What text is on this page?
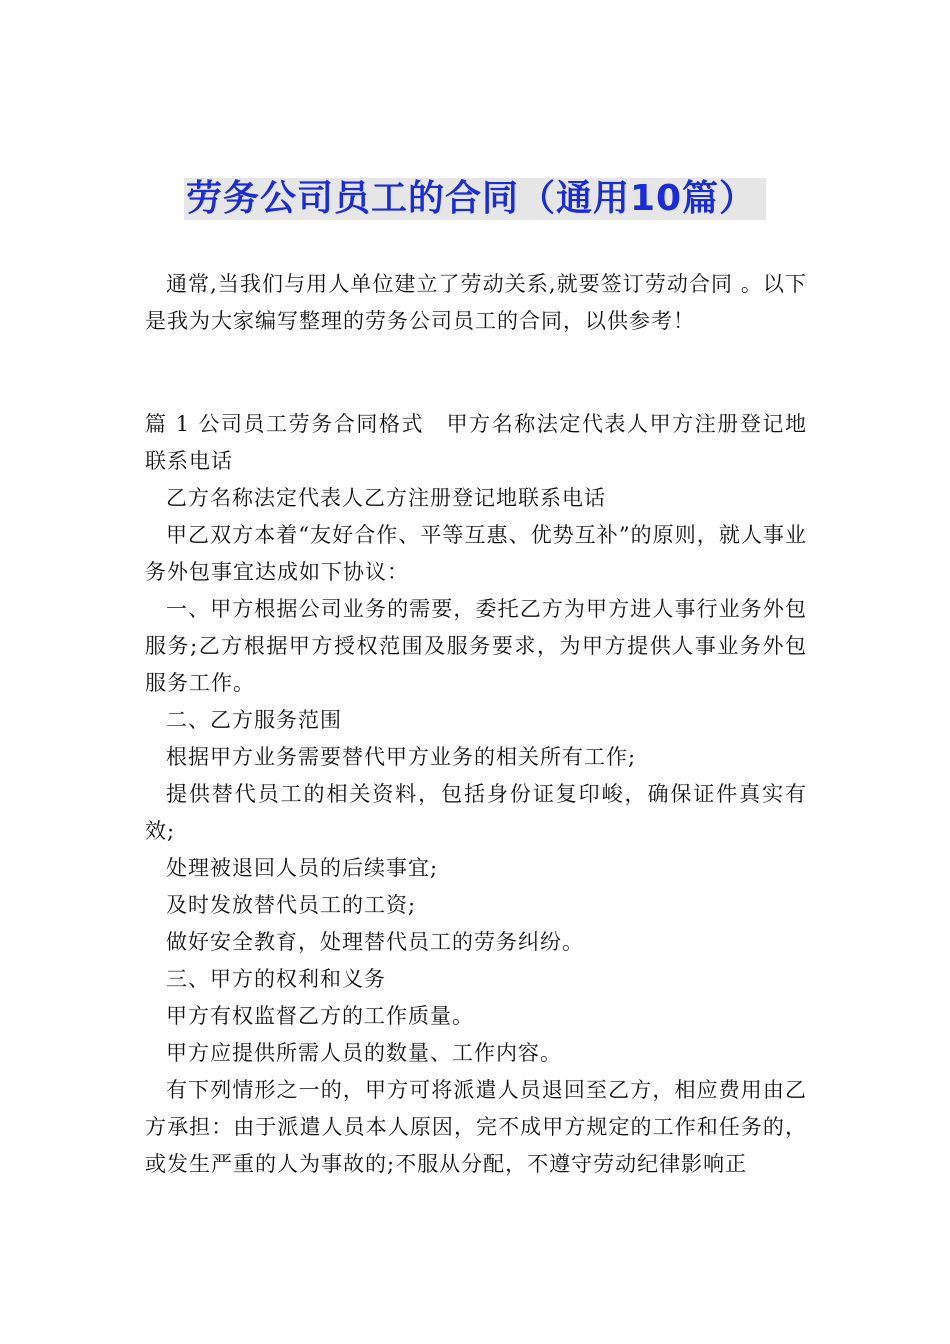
劳务公司员工的合同（通用10篇）

通常,当我们与用人单位建立了劳动关系,就要签订劳动合同 。以下是我为大家编写整理的劳务公司员工的合同，以供参考！

篇 1 公司员工劳务合同格式　甲方名称法定代表人甲方注册登记地联系电话

乙方名称法定代表人乙方注册登记地联系电话

甲乙双方本着“友好合作、平等互惠、优势互补”的原则，就人事业务外包事宜达成如下协议：

一、甲方根据公司业务的需要，委托乙方为甲方进人事行业务外包服务;乙方根据甲方授权范围及服务要求，为甲方提供人事业务外包服务工作。

二、乙方服务范围

根据甲方业务需要替代甲方业务的相关所有工作;

提供替代员工的相关资料，包括身份证复印峻，确保证件真实有效;

处理被退回人员的后续事宜;

及时发放替代员工的工资;

做好安全教育，处理替代员工的劳务纠纷。

三、甲方的权利和义务

甲方有权监督乙方的工作质量。

甲方应提供所需人员的数量、工作内容。

有下列情形之一的，甲方可将派遣人员退回至乙方，相应费用由乙方承担：由于派遣人员本人原因，完不成甲方规定的工作和任务的，或发生严重的人为事故的;不服从分配，不遵守劳动纪律影响正
